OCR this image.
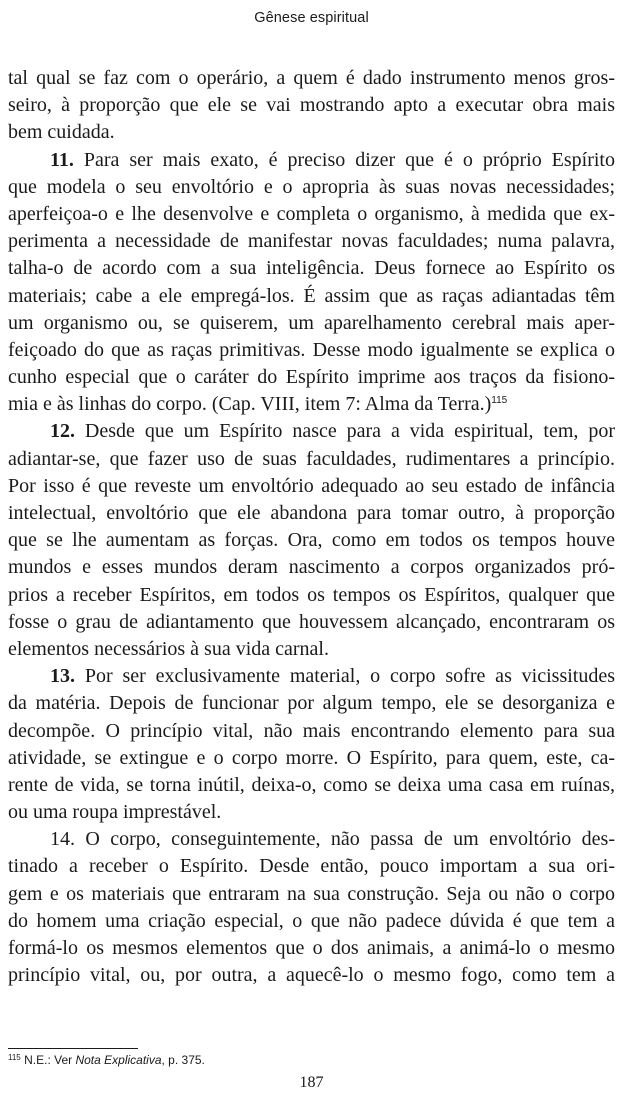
Gênese espiritual
tal qual se faz com o operário, a quem é dado instrumento menos gros-
seiro, à proporção que ele se vai mostrando apto a executar obra mais
bem cuidada.
11. Para ser mais exato, é preciso dizer que é o próprio Espírito
que modela o seu envoltório e o apropria às suas novas necessidades;
aperfeiçoa-o e lhe desenvolve e completa o organismo, à medida que ex-
perimenta a necessidade de manifestar novas faculdades; numa palavra,
talha-o de acordo com a sua inteligência. Deus fornece ao Espírito os
materiais; cabe a ele empregá-los. É assim que as raças adiantadas têm
um organismo ou, se quiserem, um aparelhamento cerebral mais aper-
feiçoado do que as raças primitivas. Desse modo igualmente se explica o
cunho especial que o caráter do Espírito imprime aos traços da fisiono-
mia e às linhas do corpo. (Cap. VIII, item 7: Alma da Terra.)$^{115}$
12. Desde que um Espírito nasce para a vida espiritual, tem, por
adiantar-se, que fazer uso de suas faculdades, rudimentares a princípio.
Por isso é que reveste um envoltório adequado ao seu estado de infância
intelectual, envoltório que ele abandona para tomar outro, à proporção
que se lhe aumentam as forças. Ora, como em todos os tempos houve
mundos e esses mundos deram nascimento a corpos organizados pró-
prios a receber Espíritos, em todos os tempos os Espíritos, qualquer que
fosse o grau de adiantamento que houvessem alcançado, encontraram os
elementos necessários à sua vida carnal.
13. Por ser exclusivamente material, o corpo sofre as vicissitudes
da matéria. Depois de funcionar por algum tempo, ele se desorganiza e
decompõe. O princípio vital, não mais encontrando elemento para sua
atividade, se extingue e o corpo morre. O Espírito, para quem, este, ca-
rente de vida, se torna inútil, deixa-o, como se deixa uma casa em ruínas,
ou uma roupa imprestável.
14. O corpo, conseguintemente, não passa de um envoltório des-
tinado a receber o Espírito. Desde então, pouco importam a sua ori-
gem e os materiais que entraram na sua construção. Seja ou não o corpo
do homem uma criação especial, o que não padece dúvida é que tem a
formá-lo os mesmos elementos que o dos animais, a animá-lo o mesmo
princípio vital, ou, por outra, a aquecê-lo o mesmo fogo, como tem a
$^{115}$ N.E.: Ver Nota Explicativa, p. 375.
187
